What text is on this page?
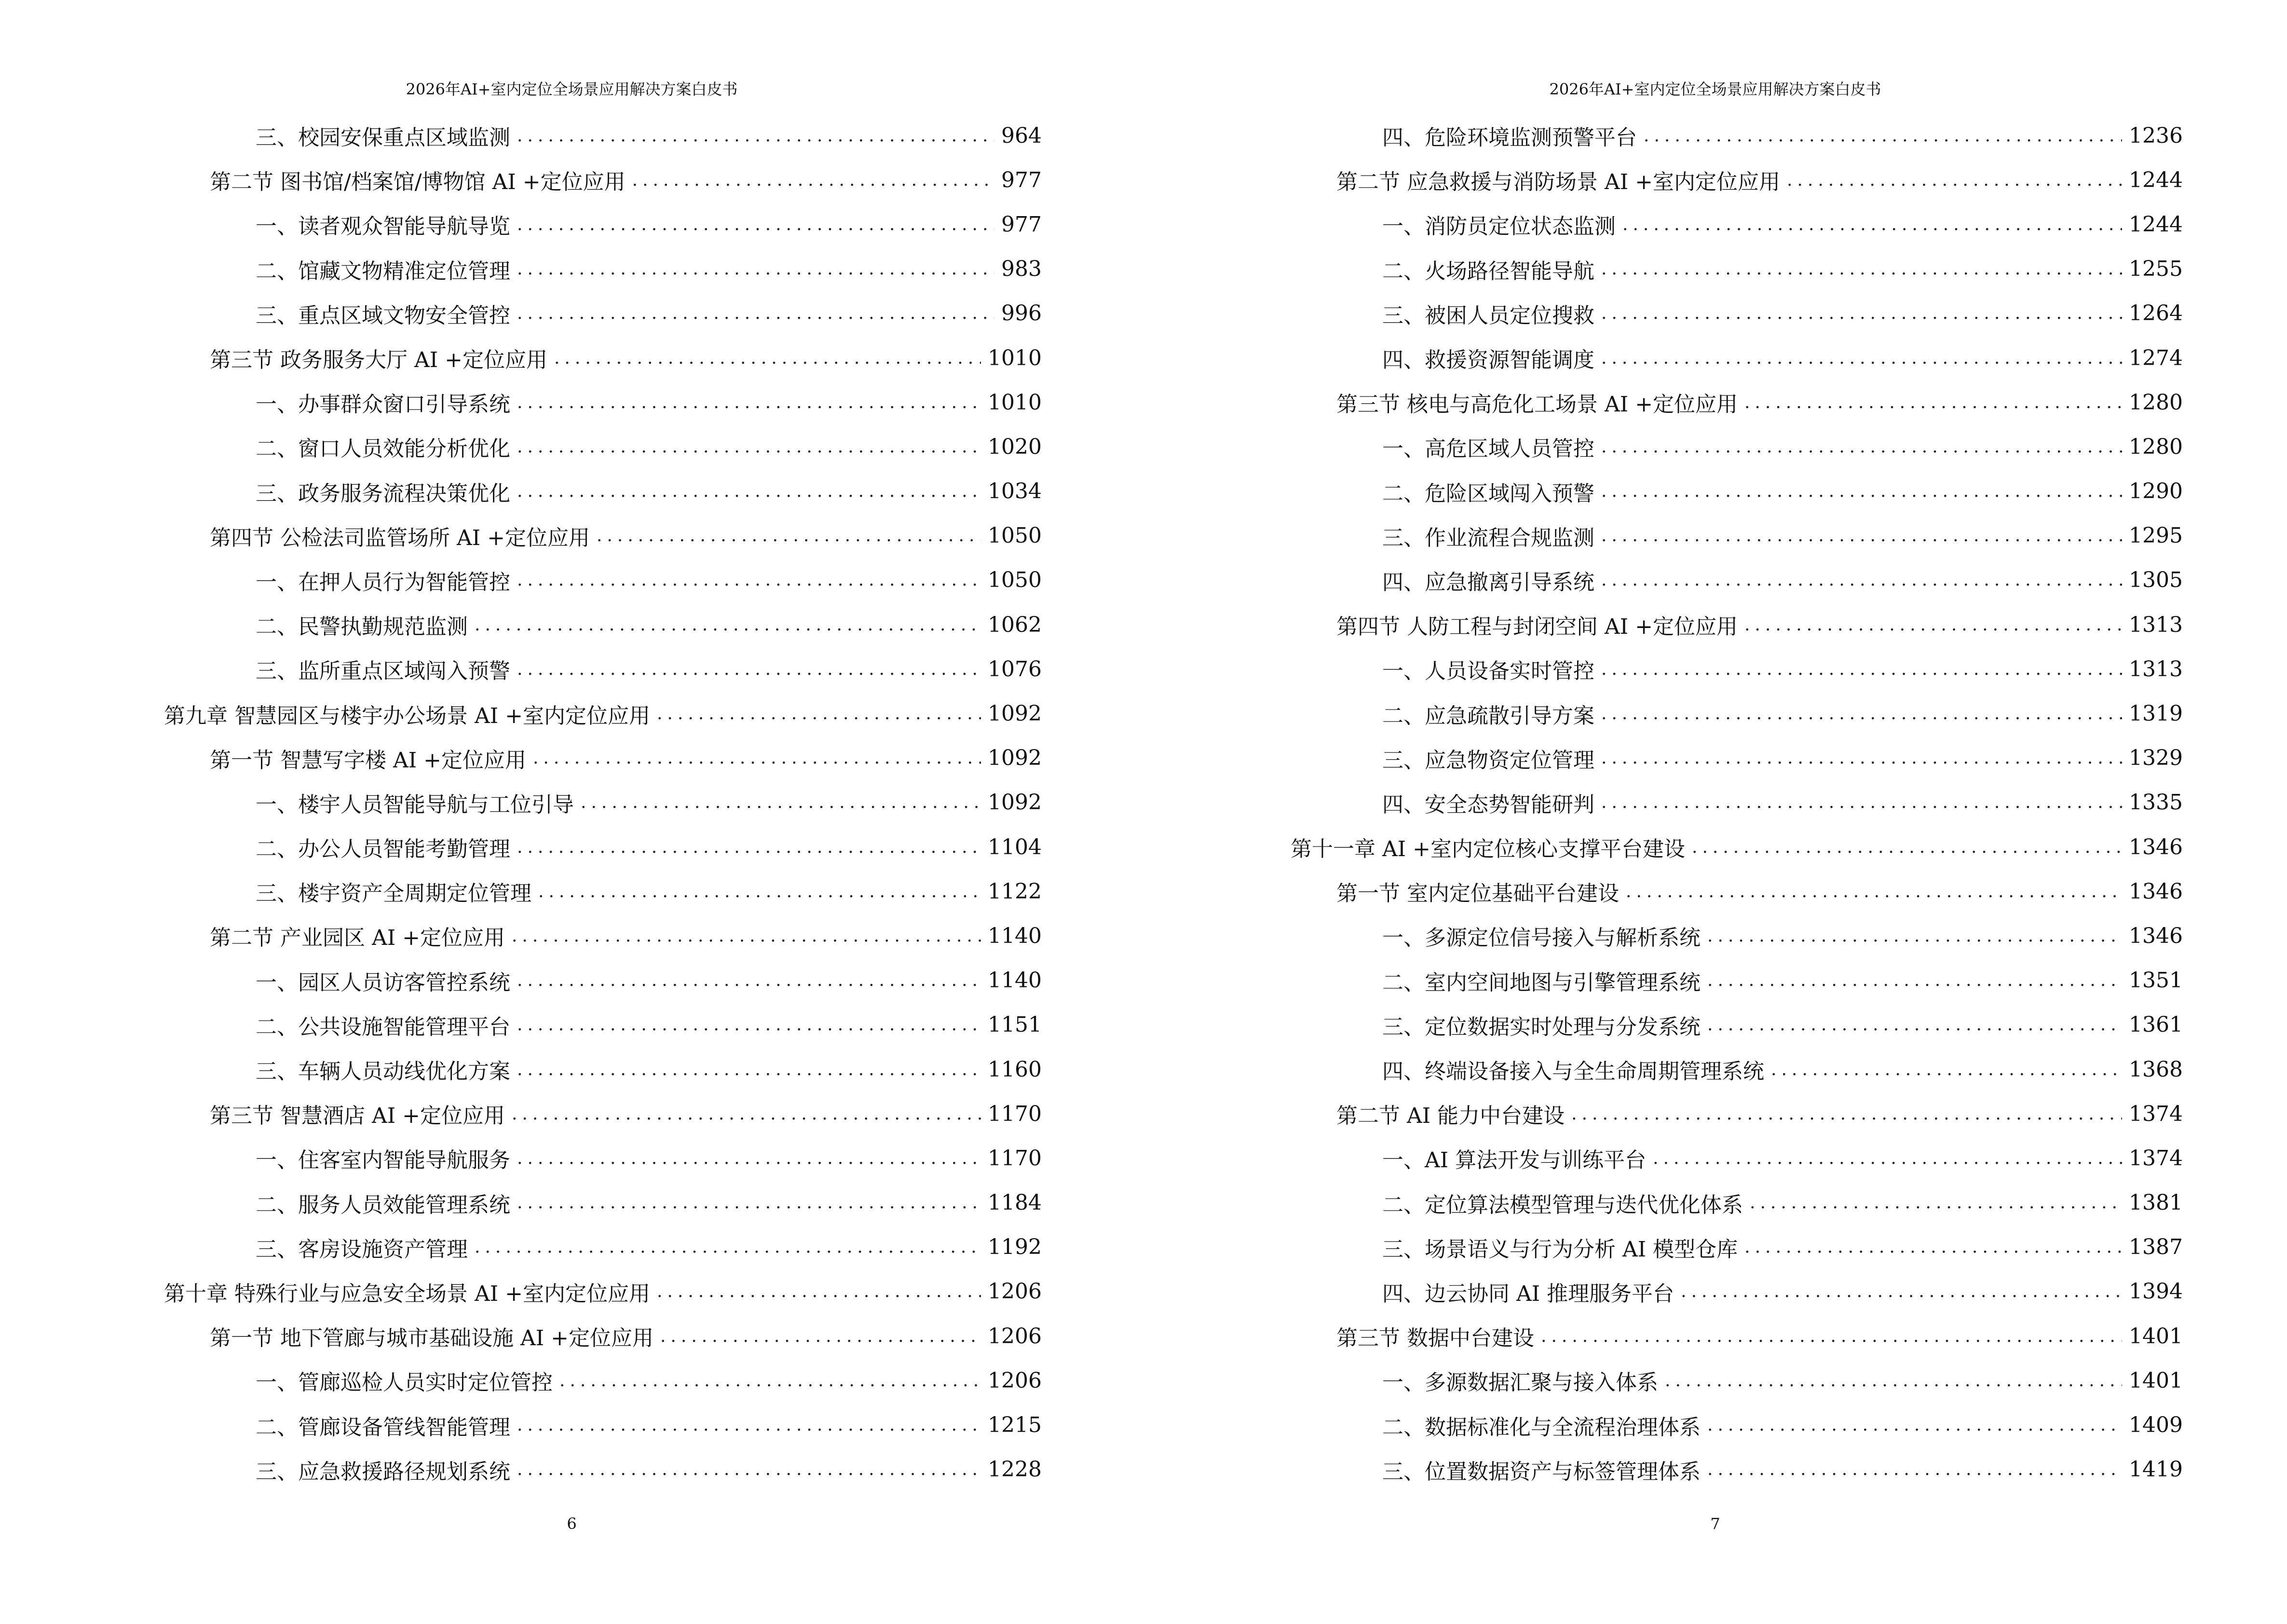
2026年AI+室内定位全场景应用解决方案白皮书
三、校园安保重点区域监测 .....	964
第二节 图书馆/档案馆/博物馆 AI +定位应用 .....	977
一、读者观众智能导航导览 .....	977
二、馆藏文物精准定位管理 .....	983
三、重点区域文物安全管控 .....	996
第三节 政务服务大厅 AI +定位应用 .....	1010
一、办事群众窗口引导系统 .....	1010
二、窗口人员效能分析优化 .....	1020
三、政务服务流程决策优化 .....	1034
第四节 公检法司监管场所 AI +定位应用 .....	1050
一、在押人员行为智能管控 .....	1050
二、民警执勤规范监测 .....	1062
三、监所重点区域闯入预警 .....	1076
第九章 智慧园区与楼宇办公场景 AI +室内定位应用 .....	1092
第一节 智慧写字楼 AI +定位应用 .....	1092
一、楼宇人员智能导航与工位引导 .....	1092
二、办公人员智能考勤管理 .....	1104
三、楼宇资产全周期定位管理 .....	1122
第二节 产业园区 AI +定位应用 .....	1140
一、园区人员访客管控系统 .....	1140
二、公共设施智能管理平台 .....	1151
三、车辆人员动线优化方案 .....	1160
第三节 智慧酒店 AI +定位应用 .....	1170
一、住客室内智能导航服务 .....	1170
二、服务人员效能管理系统 .....	1184
三、客房设施资产管理 .....	1192
第十章 特殊行业与应急安全场景 AI +室内定位应用 .....	1206
第一节 地下管廊与城市基础设施 AI +定位应用 .....	1206
一、管廊巡检人员实时定位管控 .....	1206
二、管廊设备管线智能管理 .....	1215
三、应急救援路径规划系统 .....	1228
6
2026年AI+室内定位全场景应用解决方案白皮书
四、危险环境监测预警平台 .....	1236
第二节 应急救援与消防场景 AI +室内定位应用 .....	1244
一、消防员定位状态监测 .....	1244
二、火场路径智能导航 .....	1255
三、被困人员定位搜救 .....	1264
四、救援资源智能调度 .....	1274
第三节 核电与高危化工场景 AI +定位应用 .....	1280
一、高危区域人员管控 .....	1280
二、危险区域闯入预警 .....	1290
三、作业流程合规监测 .....	1295
四、应急撤离引导系统 .....	1305
第四节 人防工程与封闭空间 AI +定位应用 .....	1313
一、人员设备实时管控 .....	1313
二、应急疏散引导方案 .....	1319
三、应急物资定位管理 .....	1329
四、安全态势智能研判 .....	1335
第十一章 AI +室内定位核心支撑平台建设 .....	1346
第一节 室内定位基础平台建设 .....	1346
一、多源定位信号接入与解析系统 .....	1346
二、室内空间地图与引擎管理系统 .....	1351
三、定位数据实时处理与分发系统 .....	1361
四、终端设备接入与全生命周期管理系统 .....	1368
第二节 AI 能力中台建设 .....	1374
一、AI 算法开发与训练平台 .....	1374
二、定位算法模型管理与迭代优化体系 .....	1381
三、场景语义与行为分析 AI 模型仓库 .....	1387
四、边云协同 AI 推理服务平台 .....	1394
第三节 数据中台建设 .....	1401
一、多源数据汇聚与接入体系 .....	1401
二、数据标准化与全流程治理体系 .....	1409
三、位置数据资产与标签管理体系 .....	1419
7
